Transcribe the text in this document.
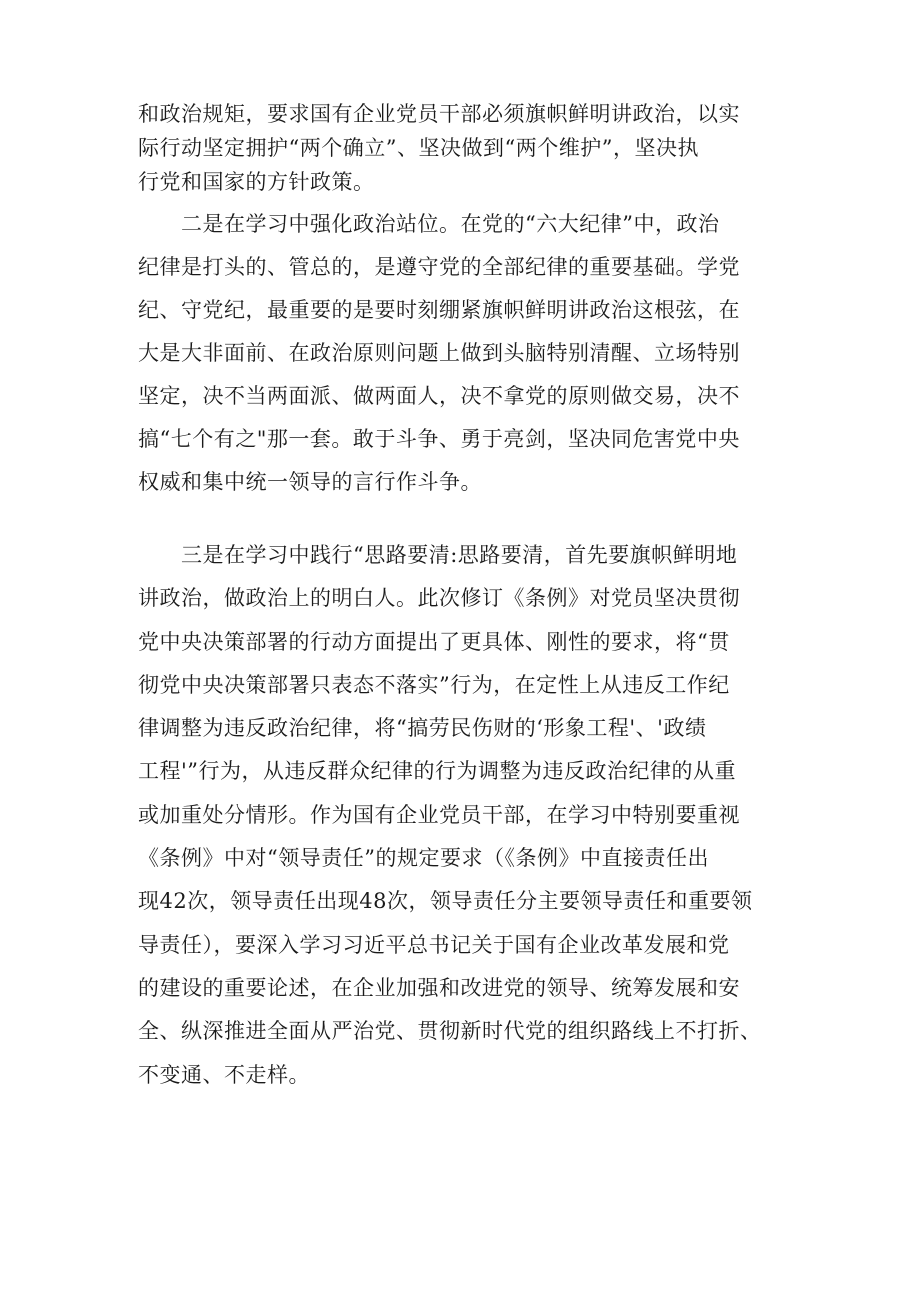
和政治规矩，要求国有企业党员干部必须旗帜鲜明讲政治，以实
际行动坚定拥护“两个确立”、坚决做到“两个维护”，坚决执
行党和国家的方针政策。
　　二是在学习中强化政治站位。在党的“六大纪律”中，政治
纪律是打头的、管总的，是遵守党的全部纪律的重要基础。学党
纪、守党纪，最重要的是要时刻绷紧旗帜鲜明讲政治这根弦，在
大是大非面前、在政治原则问题上做到头脑特别清醒、立场特别
坚定，决不当两面派、做两面人，决不拿党的原则做交易，决不
搞“七个有之"那一套。敢于斗争、勇于亮剑，坚决同危害党中央
权威和集中统一领导的言行作斗争。
　　三是在学习中践行“思路要清:思路要清，首先要旗帜鲜明地
讲政治，做政治上的明白人。此次修订《条例》对党员坚决贯彻
党中央决策部署的行动方面提出了更具体、刚性的要求，将“贯
彻党中央决策部署只表态不落实”行为，在定性上从违反工作纪
律调整为违反政治纪律，将“搞劳民伤财的‘形象工程'、'政绩
工程'”行为，从违反群众纪律的行为调整为违反政治纪律的从重
或加重处分情形。作为国有企业党员干部，在学习中特别要重视
《条例》中对“领导责任”的规定要求（《条例》中直接责任出
现42次，领导责任出现48次，领导责任分主要领导责任和重要领
导责任），要深入学习习近平总书记关于国有企业改革发展和党
的建设的重要论述，在企业加强和改进党的领导、统筹发展和安
全、纵深推进全面从严治党、贯彻新时代党的组织路线上不打折、
不变通、不走样。
